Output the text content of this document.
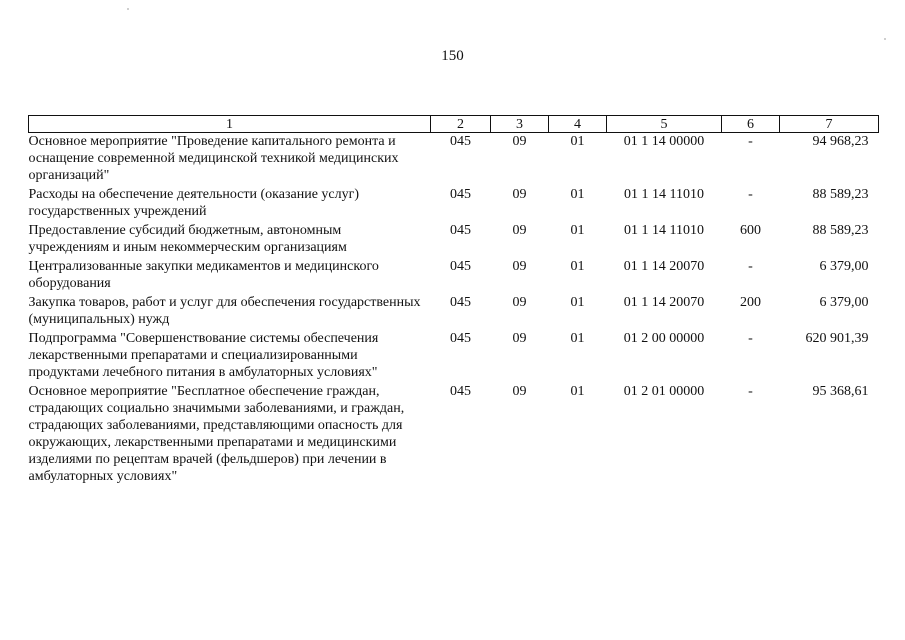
150
1	2	3	4	5	6	7
Основное мероприятие "Проведение капитального ремонта и оснащение современной медицинской техникой медицинских организаций"	045	09	01	01 1 14 00000	-	94 968,23
Расходы на обеспечение деятельности (оказание услуг) государственных учреждений	045	09	01	01 1 14 11010	-	88 589,23
Предоставление субсидий бюджетным, автономным учреждениям и иным некоммерческим организациям	045	09	01	01 1 14 11010	600	88 589,23
Централизованные закупки медикаментов и медицинского оборудования	045	09	01	01 1 14 20070	-	6 379,00
Закупка товаров, работ и услуг для обеспечения государственных (муниципальных) нужд	045	09	01	01 1 14 20070	200	6 379,00
Подпрограмма "Совершенствование системы обеспечения лекарственными препаратами и специализированными продуктами лечебного питания в амбулаторных условиях"	045	09	01	01 2 00 00000	-	620 901,39
Основное мероприятие "Бесплатное обеспечение граждан, страдающих социально значимыми заболеваниями, и граждан, страдающих заболеваниями, представляющими опасность для окружающих, лекарственными препаратами и медицинскими изделиями по рецептам врачей (фельдшеров) при лечении в амбулаторных условиях"	045	09	01	01 2 01 00000	-	95 368,61
